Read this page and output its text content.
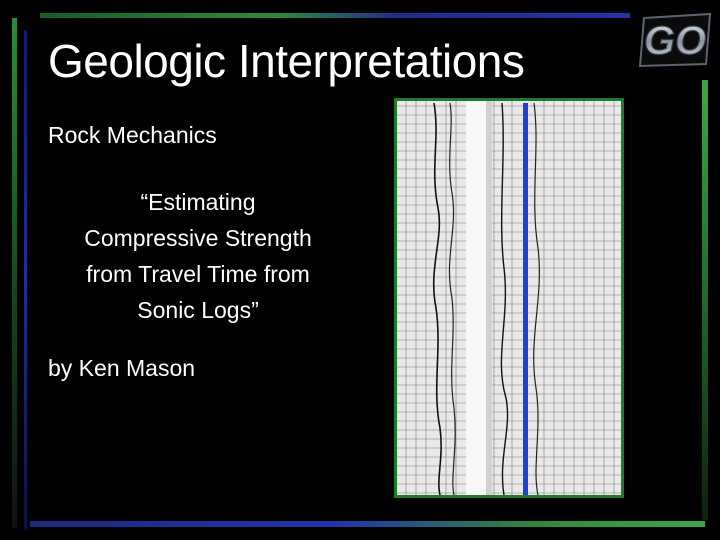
GO
Geologic Interpretations
Rock Mechanics
“Estimating
Compressive Strength
from Travel Time from
Sonic Logs”
by Ken Mason
